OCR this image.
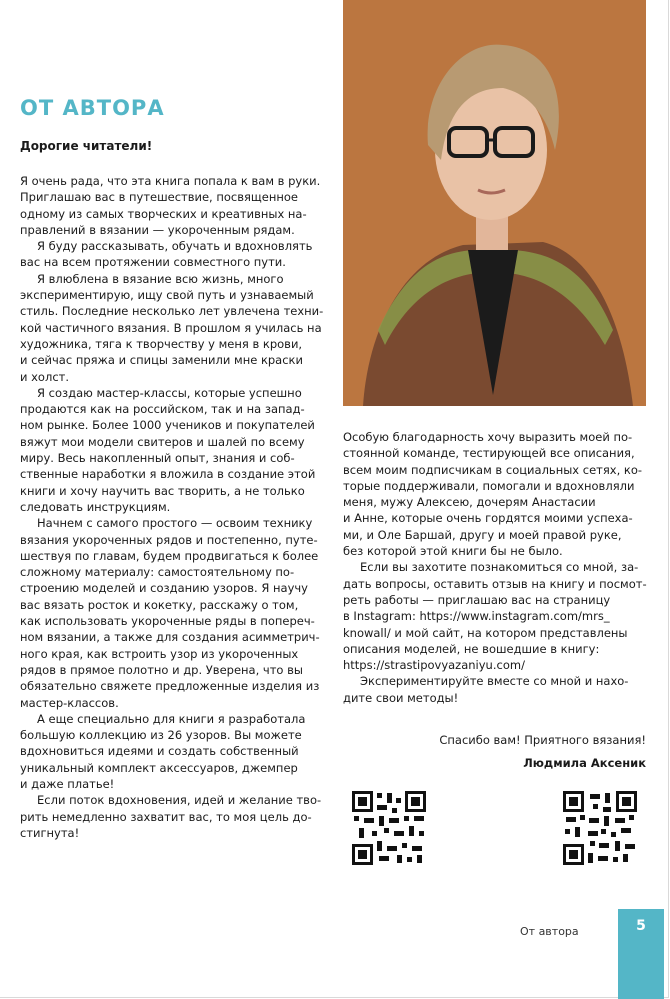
ОТ АВТОРА

Дорогие читатели!

Я очень рада, что эта книга попала к вам в руки.

Приглашаю вас в путешествие, посвященное

одному из самых творческих и креативных на-

правлений в вязании — укороченным рядам.

Я буду рассказывать, обучать и вдохновлять

вас на всем протяжении совместного пути.

Я влюблена в вязание всю жизнь, много

экспериментирую, ищу свой путь и узнаваемый

стиль. Последние несколько лет увлечена техни-

кой частичного вязания. В прошлом я училась на

художника, тяга к творчеству у меня в крови,

и сейчас пряжа и спицы заменили мне краски

и холст.

Я создаю мастер-классы, которые успешно

продаются как на российском, так и на запад-

ном рынке. Более 1000 учеников и покупателей

вяжут мои модели свитеров и шалей по всему

миру. Весь накопленный опыт, знания и соб-

ственные наработки я вложила в создание этой

книги и хочу научить вас творить, а не только

следовать инструкциям.

Начнем с самого простого — освоим технику

вязания укороченных рядов и постепенно, путе-

шествуя по главам, будем продвигаться к более

сложному материалу: самостоятельному по-

строению моделей и созданию узоров. Я научу

вас вязать росток и кокетку, расскажу о том,

как использовать укороченные ряды в попереч-

ном вязании, а также для создания асимметрич-

ного края, как встроить узор из укороченных

рядов в прямое полотно и др. Уверена, что вы

обязательно свяжете предложенные изделия из

мастер-классов.

А еще специально для книги я разработала

большую коллекцию из 26 узоров. Вы можете

вдохновиться идеями и создать собственный

уникальный комплект аксессуаров, джемпер

и даже платье!

Если поток вдохновения, идей и желание тво-

рить немедленно захватит вас, то моя цель до-

стигнута!

Особую благодарность хочу выразить моей по-

стоянной команде, тестирующей все описания,

всем моим подписчикам в социальных сетях, ко-

торые поддерживали, помогали и вдохновляли

меня, мужу Алексею, дочерям Анастасии

и Анне, которые очень гордятся моими успеха-

ми, и Оле Баршай, другу и моей правой руке,

без которой этой книги бы не было.

Если вы захотите познакомиться со мной, за-

дать вопросы, оставить отзыв на книгу и посмот-

реть работы — приглашаю вас на страницу

в Instagram: https://www.instagram.com/mrs_

knowall/ и мой сайт, на котором представлены

описания моделей, не вошедшие в книгу:

https://strastipovyazaniyu.com/

Экспериментируйте вместе со мной и нахо-

дите свои методы!

Спасибо вам! Приятного вязания!

Людмила Аксеник

От автора	5
